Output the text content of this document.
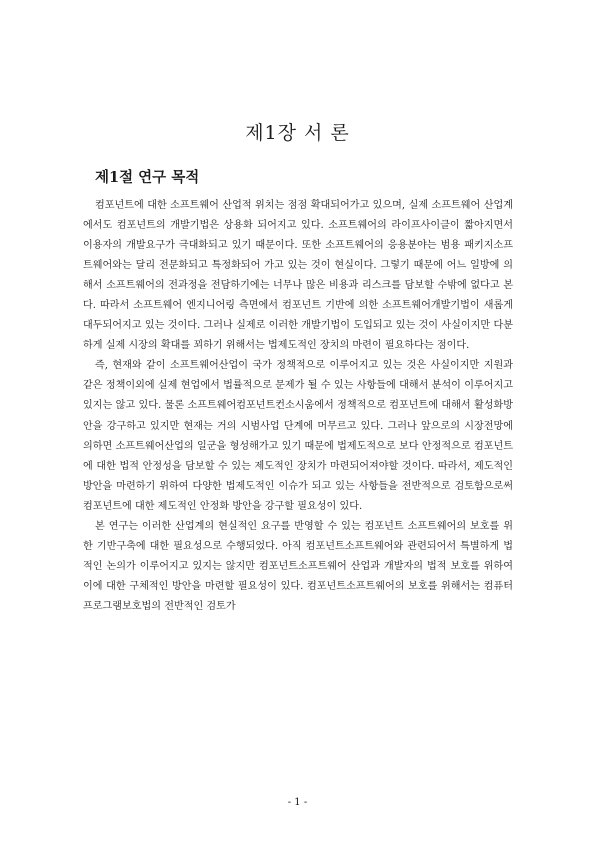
제1장 서 론
제1절 연구 목적

컴포넌트에 대한 소프트웨어 산업적 위치는 점점 확대되어가고 있으며, 실제 소프트웨어 산업계에서도 컴포넌트의 개발기법은 상용화 되어지고 있다. 소프트웨어의 라이프사이클이 짧아지면서 이용자의 개발요구가 극대화되고 있기 때문이다. 또한 소프트웨어의 응용분야는 범용 패키지소프트웨어와는 달리 전문화되고 특정화되어 가고 있는 것이 현실이다. 그렇기 때문에 어느 일방에 의해서 소프트웨어의 전과정을 전담하기에는 너무나 많은 비용과 리스크를 담보할 수밖에 없다고 본다. 따라서 소프트웨어 엔지니어링 측면에서 컴포넌트 기반에 의한 소프트웨어개발기법이 새롭게 대두되어지고 있는 것이다. 그러나 실제로 이러한 개발기법이 도입되고 있는 것이 사실이지만 다분하게 실제 시장의 확대를 꾀하기 위해서는 법제도적인 장치의 마련이 필요하다는 점이다.

즉, 현재와 같이 소프트웨어산업이 국가 정책적으로 이루어지고 있는 것은 사실이지만 지원과 같은 정책이외에 실제 현업에서 법률적으로 문제가 될 수 있는 사항들에 대해서 분석이 이루어지고 있지는 않고 있다. 물론 소프트웨어컴포넌트컨소시움에서 정책적으로 컴포넌트에 대해서 활성화방안을 강구하고 있지만 현재는 거의 시범사업 단계에 머무르고 있다. 그러나 앞으로의 시장전망에 의하면 소프트웨어산업의 일군을 형성해가고 있기 때문에 법제도적으로 보다 안정적으로 컴포넌트에 대한 법적 안정성을 담보할 수 있는 제도적인 장치가 마련되어져야할 것이다. 따라서, 제도적인 방안을 마련하기 위하여 다양한 법제도적인 이슈가 되고 있는 사항들을 전반적으로 검토함으로써 컴포넌트에 대한 제도적인 안정화 방안을 강구할 필요성이 있다.

본 연구는 이러한 산업계의 현실적인 요구를 반영할 수 있는 컴포넌트 소프트웨어의 보호를 위한 기반구축에 대한 필요성으로 수행되었다. 아직 컴포넌트소프트웨어와 관련되어서 특별하게 법적인 논의가 이루어지고 있지는 않지만 컴포넌트소프트웨어 산업과 개발자의 법적 보호를 위하여 이에 대한 구체적인 방안을 마련할 필요성이 있다. 컴포넌트소프트웨어의 보호를 위해서는 컴퓨터프로그램보호법의 전반적인 검토가

- 1 -
